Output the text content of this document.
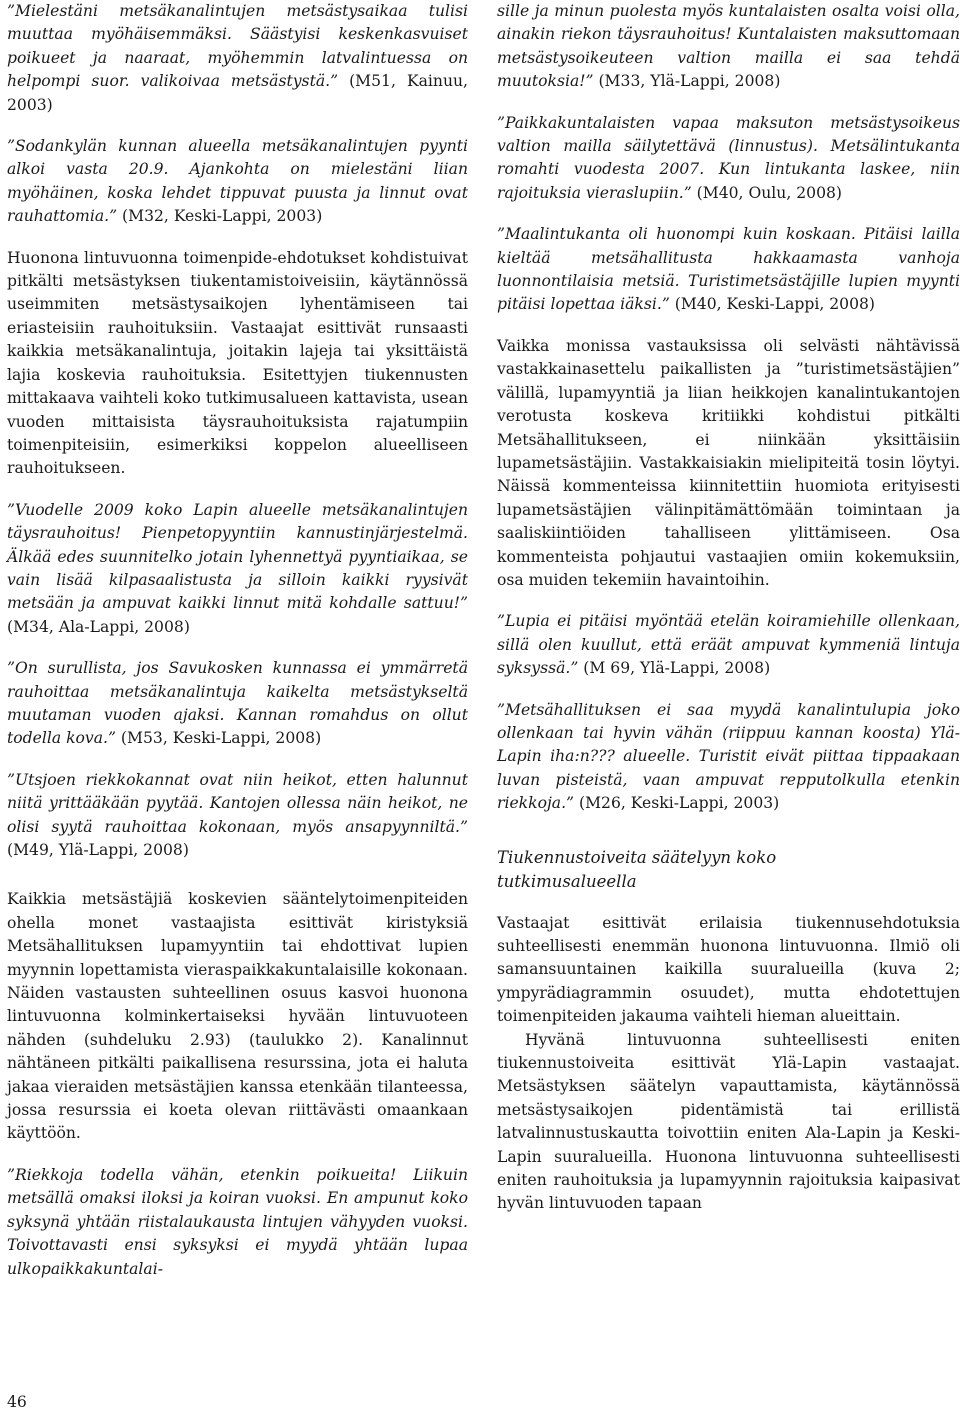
”Mielestäni metsäkanalintujen metsästysaikaa tulisi muuttaa myöhäisemmäksi. Säästyisi keskenkasvuiset poikueet ja naaraat, myöhemmin latvalintuessa on helpompi suor. valikoivaa metsästystä.” (M51, Kainuu, 2003)

”Sodankylän kunnan alueella metsäkanalintujen pyynti alkoi vasta 20.9. Ajankohta on mielestäni liian myöhäinen, koska lehdet tippuvat puusta ja linnut ovat rauhattomia.” (M32, Keski-Lappi, 2003)

Huonona lintuvuonna toimenpide-ehdotukset kohdistuivat pitkälti metsästyksen tiukentamistoiveisiin, käytännössä useimmiten metsästysaikojen lyhentämiseen tai eriasteisiin rauhoituksiin. Vastaajat esittivät runsaasti kaikkia metsäkanalintuja, joitakin lajeja tai yksittäistä lajia koskevia rauhoituksia. Esitettyjen tiukennusten mittakaava vaihteli koko tutkimusalueen kattavista, usean vuoden mittaisista täysrauhoituksista rajatumpiin toimenpiteisiin, esimerkiksi koppelon alueelliseen rauhoitukseen.

”Vuodelle 2009 koko Lapin alueelle metsäkanalintujen täysrauhoitus! Pienpetopyyntiin kannustinjärjestelmä. Älkää edes suunnitelko jotain lyhennettyä pyyntiaikaa, se vain lisää kilpasaalistusta ja silloin kaikki ryysivät metsään ja ampuvat kaikki linnut mitä kohdalle sattuu!” (M34, Ala-Lappi, 2008)

”On surullista, jos Savukosken kunnassa ei ymmärretä rauhoittaa metsäkanalintuja kaikelta metsästykseltä muutaman vuoden ajaksi. Kannan romahdus on ollut todella kova.” (M53, Keski-Lappi, 2008)

”Utsjoen riekkokannat ovat niin heikot, etten halunnut niitä yrittääkään pyytää. Kantojen ollessa näin heikot, ne olisi syytä rauhoittaa kokonaan, myös ansapyynniltä.” (M49, Ylä-Lappi, 2008)

Kaikkia metsästäjiä koskevien sääntelytoimenpiteiden ohella monet vastaajista esittivät kiristyksiä Metsähallituksen lupamyyntiin tai ehdottivat lupien myynnin lopettamista vieraspaikkakuntalaisille kokonaan. Näiden vastausten suhteellinen osuus kasvoi huonona lintuvuonna kolminkertaiseksi hyvään lintuvuoteen nähden (suhdeluku 2.93) (taulukko 2). Kanalinnut nähtäneen pitkälti paikallisena resurssina, jota ei haluta jakaa vieraiden metsästäjien kanssa etenkään tilanteessa, jossa resurssia ei koeta olevan riittävästi omaankaan käyttöön.

”Riekkoja todella vähän, etenkin poikueita! Liikuin metsällä omaksi iloksi ja koiran vuoksi. En ampunut koko syksynä yhtään riistalaukausta lintujen vähyyden vuoksi. Toivottavasti ensi syksyksi ei myydä yhtään lupaa ulkopaikkakuntalai-

sille ja minun puolesta myös kuntalaisten osalta voisi olla, ainakin riekon täysrauhoitus! Kuntalaisten maksuttomaan metsästysoikeuteen valtion mailla ei saa tehdä muutoksia!” (M33, Ylä-Lappi, 2008)

”Paikkakuntalaisten vapaa maksuton metsästysoikeus valtion mailla säilytettävä (linnustus). Metsälintukanta romahti vuodesta 2007. Kun lintukanta laskee, niin rajoituksia vieraslupiin.” (M40, Oulu, 2008)

”Maalintukanta oli huonompi kuin koskaan. Pitäisi lailla kieltää metsähallitusta hakkaamasta vanhoja luonnontilaisia metsiä. Turistimetsästäjille lupien myynti pitäisi lopettaa iäksi.” (M40, Keski-Lappi, 2008)

Vaikka monissa vastauksissa oli selvästi nähtävissä vastakkainasettelu paikallisten ja ”turistimetsästäjien” välillä, lupamyyntiä ja liian heikkojen kanalintukantojen verotusta koskeva kritiikki kohdistui pitkälti Metsähallitukseen, ei niinkään yksittäisiin lupametsästäjiin. Vastakkaisiakin mielipiteitä tosin löytyi. Näissä kommenteissa kiinnitettiin huomiota erityisesti lupametsästäjien välinpitämättömään toimintaan ja saaliskiintiöiden tahalliseen ylittämiseen. Osa kommenteista pohjautui vastaajien omiin kokemuksiin, osa muiden tekemiin havaintoihin.

”Lupia ei pitäisi myöntää etelän koiramiehille ollenkaan, sillä olen kuullut, että eräät ampuvat kymmeniä lintuja syksyssä.” (M 69, Ylä-Lappi, 2008)

”Metsähallituksen ei saa myydä kanalintulupia joko ollenkaan tai hyvin vähän (riippuu kannan koosta) Ylä-Lapin iha:n??? alueelle. Turistit eivät piittaa tippaakaan luvan pisteistä, vaan ampuvat repputolkulla etenkin riekkoja.” (M26, Keski-Lappi, 2003)

Tiukennustoiveita säätelyyn koko tutkimusalueella

Vastaajat esittivät erilaisia tiukennusehdotuksia suhteellisesti enemmän huonona lintuvuonna. Ilmiö oli samansuuntainen kaikilla suuralueilla (kuva 2; ympyrädiagrammin osuudet), mutta ehdotettujen toimenpiteiden jakauma vaihteli hieman alueittain.

Hyvänä lintuvuonna suhteellisesti eniten tiukennustoiveita esittivät Ylä-Lapin vastaajat. Metsästyksen säätelyn vapauttamista, käytännössä metsästysaikojen pidentämistä tai erillistä latvalinnustuskautta toivottiin eniten Ala-Lapin ja Keski-Lapin suuralueilla. Huonona lintuvuonna suhteellisesti eniten rauhoituksia ja lupamyynnin rajoituksia kaipasivat hyvän lintuvuoden tapaan

46
